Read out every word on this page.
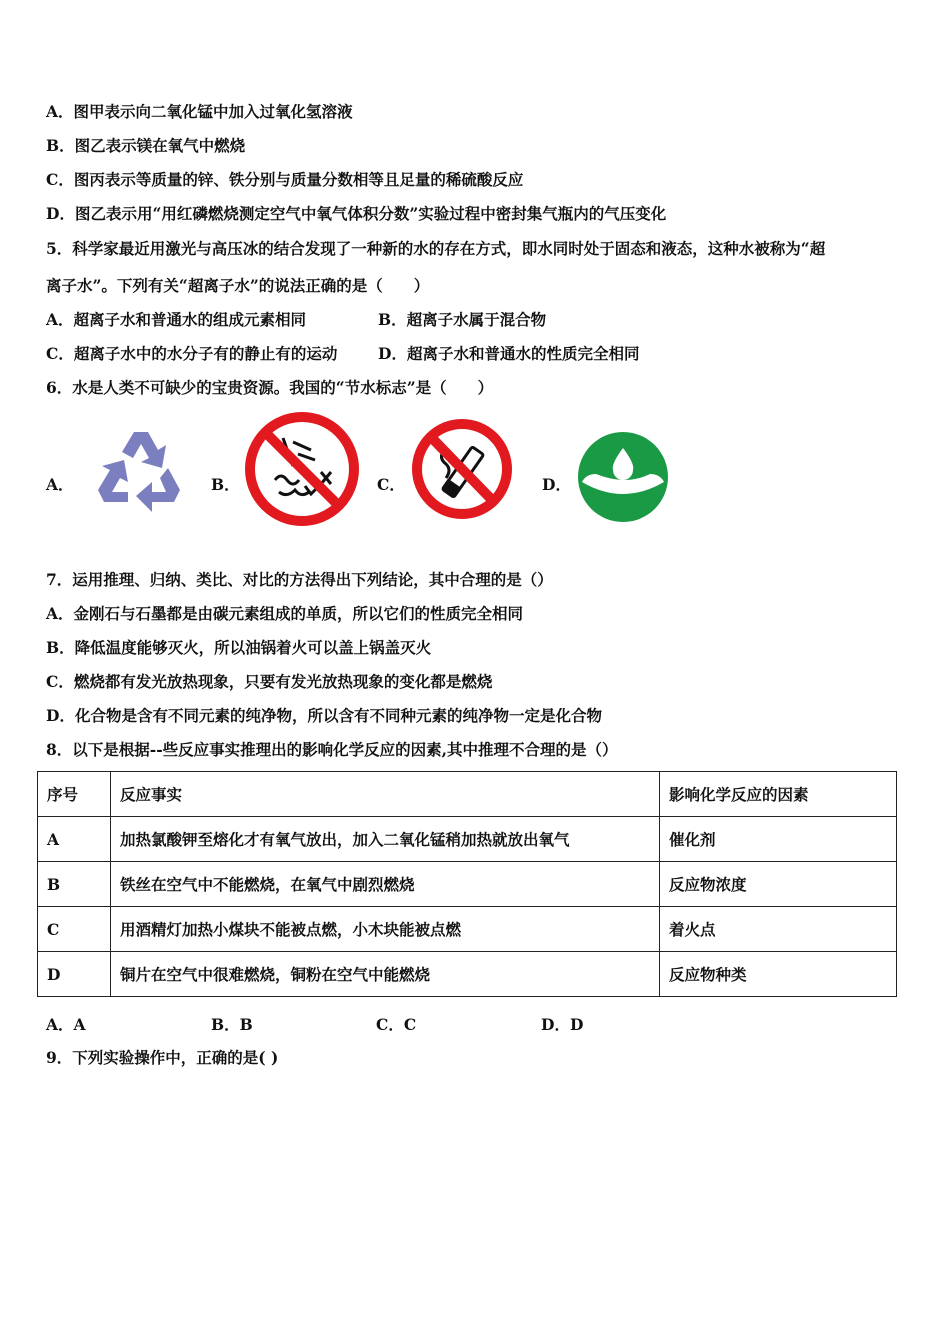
A．图甲表示向二氧化锰中加入过氧化氢溶液
B．图乙表示镁在氧气中燃烧
C．图丙表示等质量的锌、铁分别与质量分数相等且足量的稀硫酸反应
D．图乙表示用“用红磷燃烧测定空气中氧气体积分数”实验过程中密封集气瓶内的气压变化
5．科学家最近用激光与高压冰的结合发现了一种新的水的存在方式，即水同时处于固态和液态，这种水被称为“超
离子水”。下列有关“超离子水”的说法正确的是（　　）
A．超离子水和普通水的组成元素相同	B．超离子水属于混合物
C．超离子水中的水分子有的静止有的运动	D．超离子水和普通水的性质完全相同
6．水是人类不可缺少的宝贵资源。我国的“节水标志”是（　　）
A．	B．	C．	D．
7．运用推理、归纳、类比、对比的方法得出下列结论，其中合理的是（）
A．金刚石与石墨都是由碳元素组成的单质，所以它们的性质完全相同
B．降低温度能够灭火，所以油锅着火可以盖上锅盖灭火
C．燃烧都有发光放热现象，只要有发光放热现象的变化都是燃烧
D．化合物是含有不同元素的纯净物，所以含有不同种元素的纯净物一定是化合物
8．以下是根据--些反应事实推理出的影响化学反应的因素,其中推理不合理的是（）
序号	反应事实	影响化学反应的因素
A	加热氯酸钾至熔化才有氧气放出，加入二氧化锰稍加热就放出氧气	催化剂
B	铁丝在空气中不能燃烧，在氧气中剧烈燃烧	反应物浓度
C	用酒精灯加热小煤块不能被点燃，小木块能被点燃	着火点
D	铜片在空气中很难燃烧，铜粉在空气中能燃烧	反应物种类
A．A	B．B	C．C	D．D
9．下列实验操作中，正确的是( )
